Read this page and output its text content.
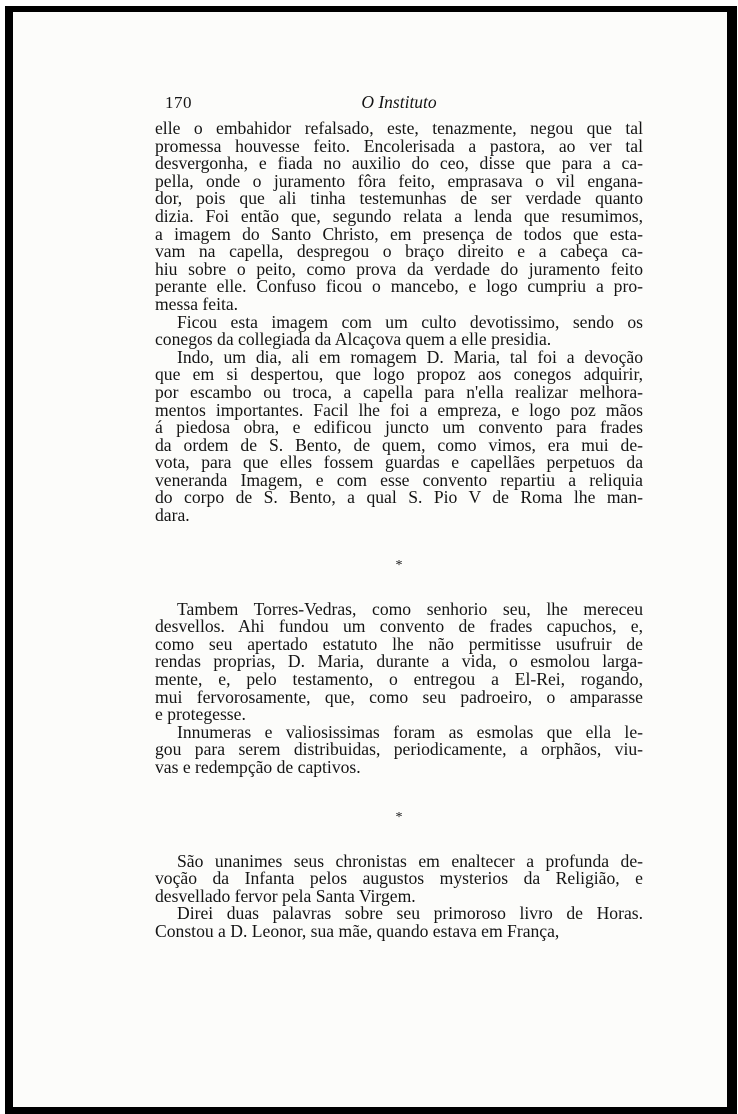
170	O Instituto
elle o embahidor refalsado, este, tenazmente, negou que tal
promessa houvesse feito. Encolerisada a pastora, ao ver tal
desvergonha, e fiada no auxilio do ceo, disse que para a ca-
pella, onde o juramento fôra feito, emprasava o vil engana-
dor, pois que ali tinha testemunhas de ser verdade quanto
dizia. Foi então que, segundo relata a lenda que resumimos,
a imagem do Santo Christo, em presença de todos que esta-
vam na capella, despregou o braço direito e a cabeça ca-
hiu sobre o peito, como prova da verdade do juramento feito
perante elle. Confuso ficou o mancebo, e logo cumpriu a pro-
messa feita.
Ficou esta imagem com um culto devotissimo, sendo os
conegos da collegiada da Alcaçova quem a elle presidia.
Indo, um dia, ali em romagem D. Maria, tal foi a devoção
que em si despertou, que logo propoz aos conegos adquirir,
por escambo ou troca, a capella para n'ella realizar melhora-
mentos importantes. Facil lhe foi a empreza, e logo poz mãos
á piedosa obra, e edificou juncto um convento para frades
da ordem de S. Bento, de quem, como vimos, era mui de-
vota, para que elles fossem guardas e capellães perpetuos da
veneranda Imagem, e com esse convento repartiu a reliquia
do corpo de S. Bento, a qual S. Pio V de Roma lhe man-
dara.
*
Tambem Torres-Vedras, como senhorio seu, lhe mereceu
desvellos. Ahi fundou um convento de frades capuchos, e,
como seu apertado estatuto lhe não permitisse usufruir de
rendas proprias, D. Maria, durante a vida, o esmolou larga-
mente, e, pelo testamento, o entregou a El-Rei, rogando,
mui fervorosamente, que, como seu padroeiro, o amparasse
e protegesse.
Innumeras e valiosissimas foram as esmolas que ella le-
gou para serem distribuidas, periodicamente, a orphãos, viu-
vas e redempção de captivos.
*
São unanimes seus chronistas em enaltecer a profunda de-
voção da Infanta pelos augustos mysterios da Religião, e
desvellado fervor pela Santa Virgem.
Direi duas palavras sobre seu primoroso livro de Horas.
Constou a D. Leonor, sua mãe, quando estava em França,
